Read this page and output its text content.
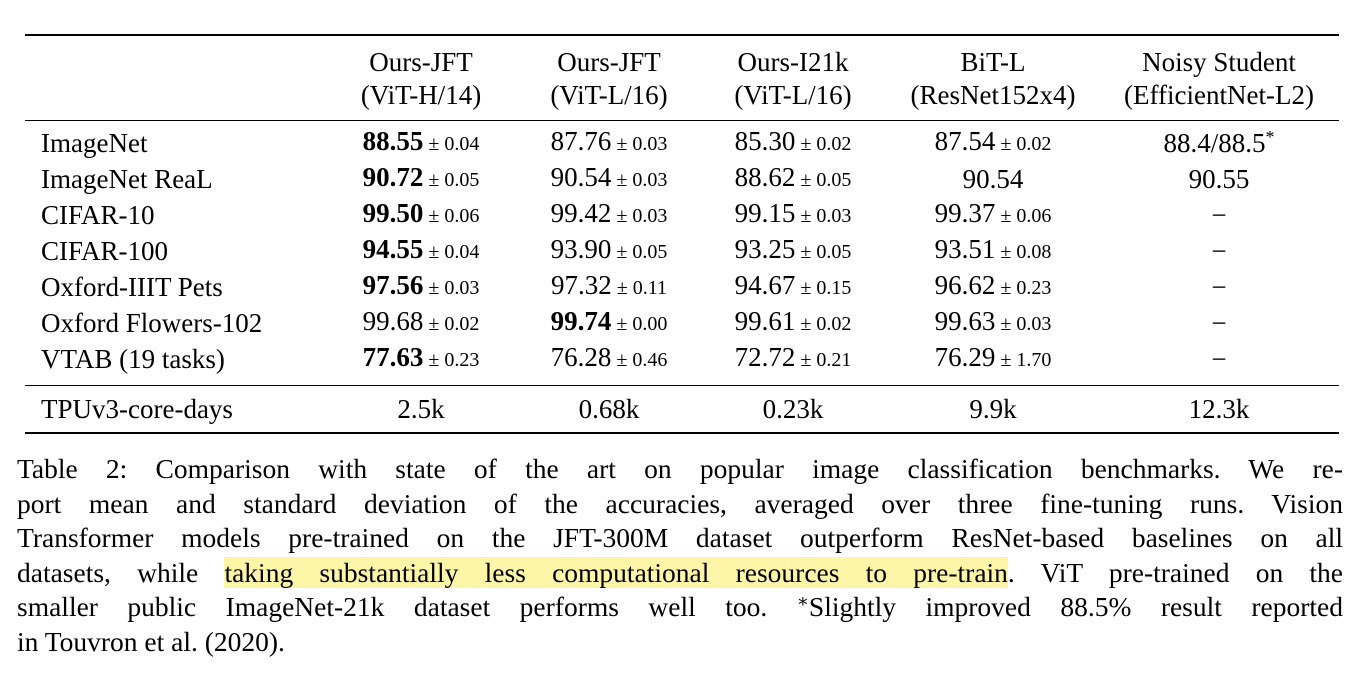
	Ours-JFT	Ours-JFT	Ours-I21k	BiT-L	Noisy Student
	(ViT-H/14)	(ViT-L/16)	(ViT-L/16)	(ResNet152x4)	(EfficientNet-L2)
ImageNet	88.55 ± 0.04	87.76 ± 0.03	85.30 ± 0.02	87.54 ± 0.02	88.4/88.5*
ImageNet ReaL	90.72 ± 0.05	90.54 ± 0.03	88.62 ± 0.05	90.54	90.55
CIFAR-10	99.50 ± 0.06	99.42 ± 0.03	99.15 ± 0.03	99.37 ± 0.06	−
CIFAR-100	94.55 ± 0.04	93.90 ± 0.05	93.25 ± 0.05	93.51 ± 0.08	−
Oxford-IIIT Pets	97.56 ± 0.03	97.32 ± 0.11	94.67 ± 0.15	96.62 ± 0.23	−
Oxford Flowers-102	99.68 ± 0.02	99.74 ± 0.00	99.61 ± 0.02	99.63 ± 0.03	−
VTAB (19 tasks)	77.63 ± 0.23	76.28 ± 0.46	72.72 ± 0.21	76.29 ± 1.70	−
TPUv3-core-days	2.5k	0.68k	0.23k	9.9k	12.3k
Table 2: Comparison with state of the art on popular image classification benchmarks. We re-
port mean and standard deviation of the accuracies, averaged over three fine-tuning runs. Vision
Transformer models pre-trained on the JFT-300M dataset outperform ResNet-based baselines on all
datasets, while taking substantially less computational resources to pre-train. ViT pre-trained on the
smaller public ImageNet-21k dataset performs well too. ∗Slightly improved 88.5% result reported
in Touvron et al. (2020).
